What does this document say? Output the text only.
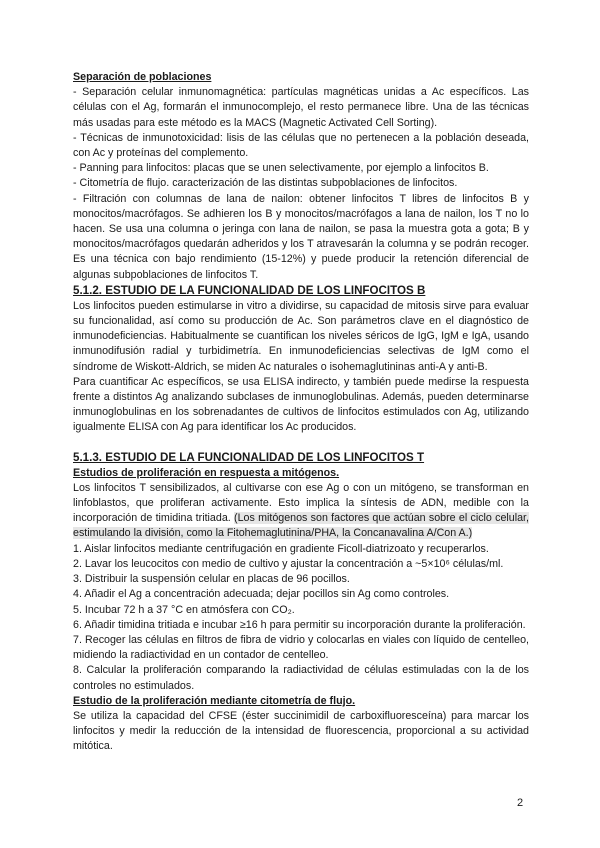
Separación de poblaciones

- Separación celular inmunomagnética: partículas magnéticas unidas a Ac específicos. Las células con el Ag, formarán el inmunocomplejo, el resto permanece libre. Una de las técnicas más usadas para este método es la MACS (Magnetic Activated Cell Sorting).

- Técnicas de inmunotoxicidad: lisis de las células que no pertenecen a la población deseada, con Ac y proteínas del complemento.

- Panning para linfocitos: placas que se unen selectivamente, por ejemplo a linfocitos B.

- Citometría de flujo. caracterización de las distintas subpoblaciones de linfocitos.

- Filtración con columnas de lana de nailon: obtener linfocitos T libres de linfocitos B y monocitos/macrófagos. Se adhieren los B y monocitos/macrófagos a lana de nailon, los T no lo hacen. Se usa una columna o jeringa con lana de nailon, se pasa la muestra gota a gota; B y monocitos/macrófagos quedarán adheridos y los T atravesarán la columna y se podrán recoger. Es una técnica con bajo rendimiento (15-12%) y puede producir la retención diferencial de algunas subpoblaciones de linfocitos T.

5.1.2. ESTUDIO DE LA FUNCIONALIDAD DE LOS LINFOCITOS B

Los linfocitos pueden estimularse in vitro a dividirse, su capacidad de mitosis sirve para evaluar su funcionalidad, así como su producción de Ac. Son parámetros clave en el diagnóstico de inmunodeficiencias. Habitualmente se cuantifican los niveles séricos de IgG, IgM e IgA, usando inmunodifusión radial y turbidimetría. En inmunodeficiencias selectivas de IgM como el síndrome de Wiskott-Aldrich, se miden Ac naturales o isohemaglutininas anti-A y anti-B.

Para cuantificar Ac específicos, se usa ELISA indirecto, y también puede medirse la respuesta frente a distintos Ag analizando subclases de inmunoglobulinas. Además, pueden determinarse inmunoglobulinas en los sobrenadantes de cultivos de linfocitos estimulados con Ag, utilizando igualmente ELISA con Ag para identificar los Ac producidos.

5.1.3. ESTUDIO DE LA FUNCIONALIDAD DE LOS LINFOCITOS T
Estudios de proliferación en respuesta a mitógenos.

Los linfocitos T sensibilizados, al cultivarse con ese Ag o con un mitógeno, se transforman en linfoblastos, que proliferan activamente. Esto implica la síntesis de ADN, medible con la incorporación de timidina tritiada. (Los mitógenos son factores que actúan sobre el ciclo celular, estimulando la división, como la Fitohemaglutinina/PHA, la Concanavalina A/Con A.)

1. Aislar linfocitos mediante centrifugación en gradiente Ficoll-diatrizoato y recuperarlos.

2. Lavar los leucocitos con medio de cultivo y ajustar la concentración a ~5×10⁶ células/ml.

3. Distribuir la suspensión celular en placas de 96 pocillos.

4. Añadir el Ag a concentración adecuada; dejar pocillos sin Ag como controles.

5. Incubar 72 h a 37 °C en atmósfera con CO₂.

6. Añadir timidina tritiada e incubar ≥16 h para permitir su incorporación durante la proliferación.

7. Recoger las células en filtros de fibra de vidrio y colocarlas en viales con líquido de centelleo, midiendo la radiactividad en un contador de centelleo.

8. Calcular la proliferación comparando la radiactividad de células estimuladas con la de los controles no estimulados.

Estudio de la proliferación mediante citometría de flujo.

Se utiliza la capacidad del CFSE (éster succinimidil de carboxifluoresceína) para marcar los linfocitos y medir la reducción de la intensidad de fluorescencia, proporcional a su actividad mitótica.

2
